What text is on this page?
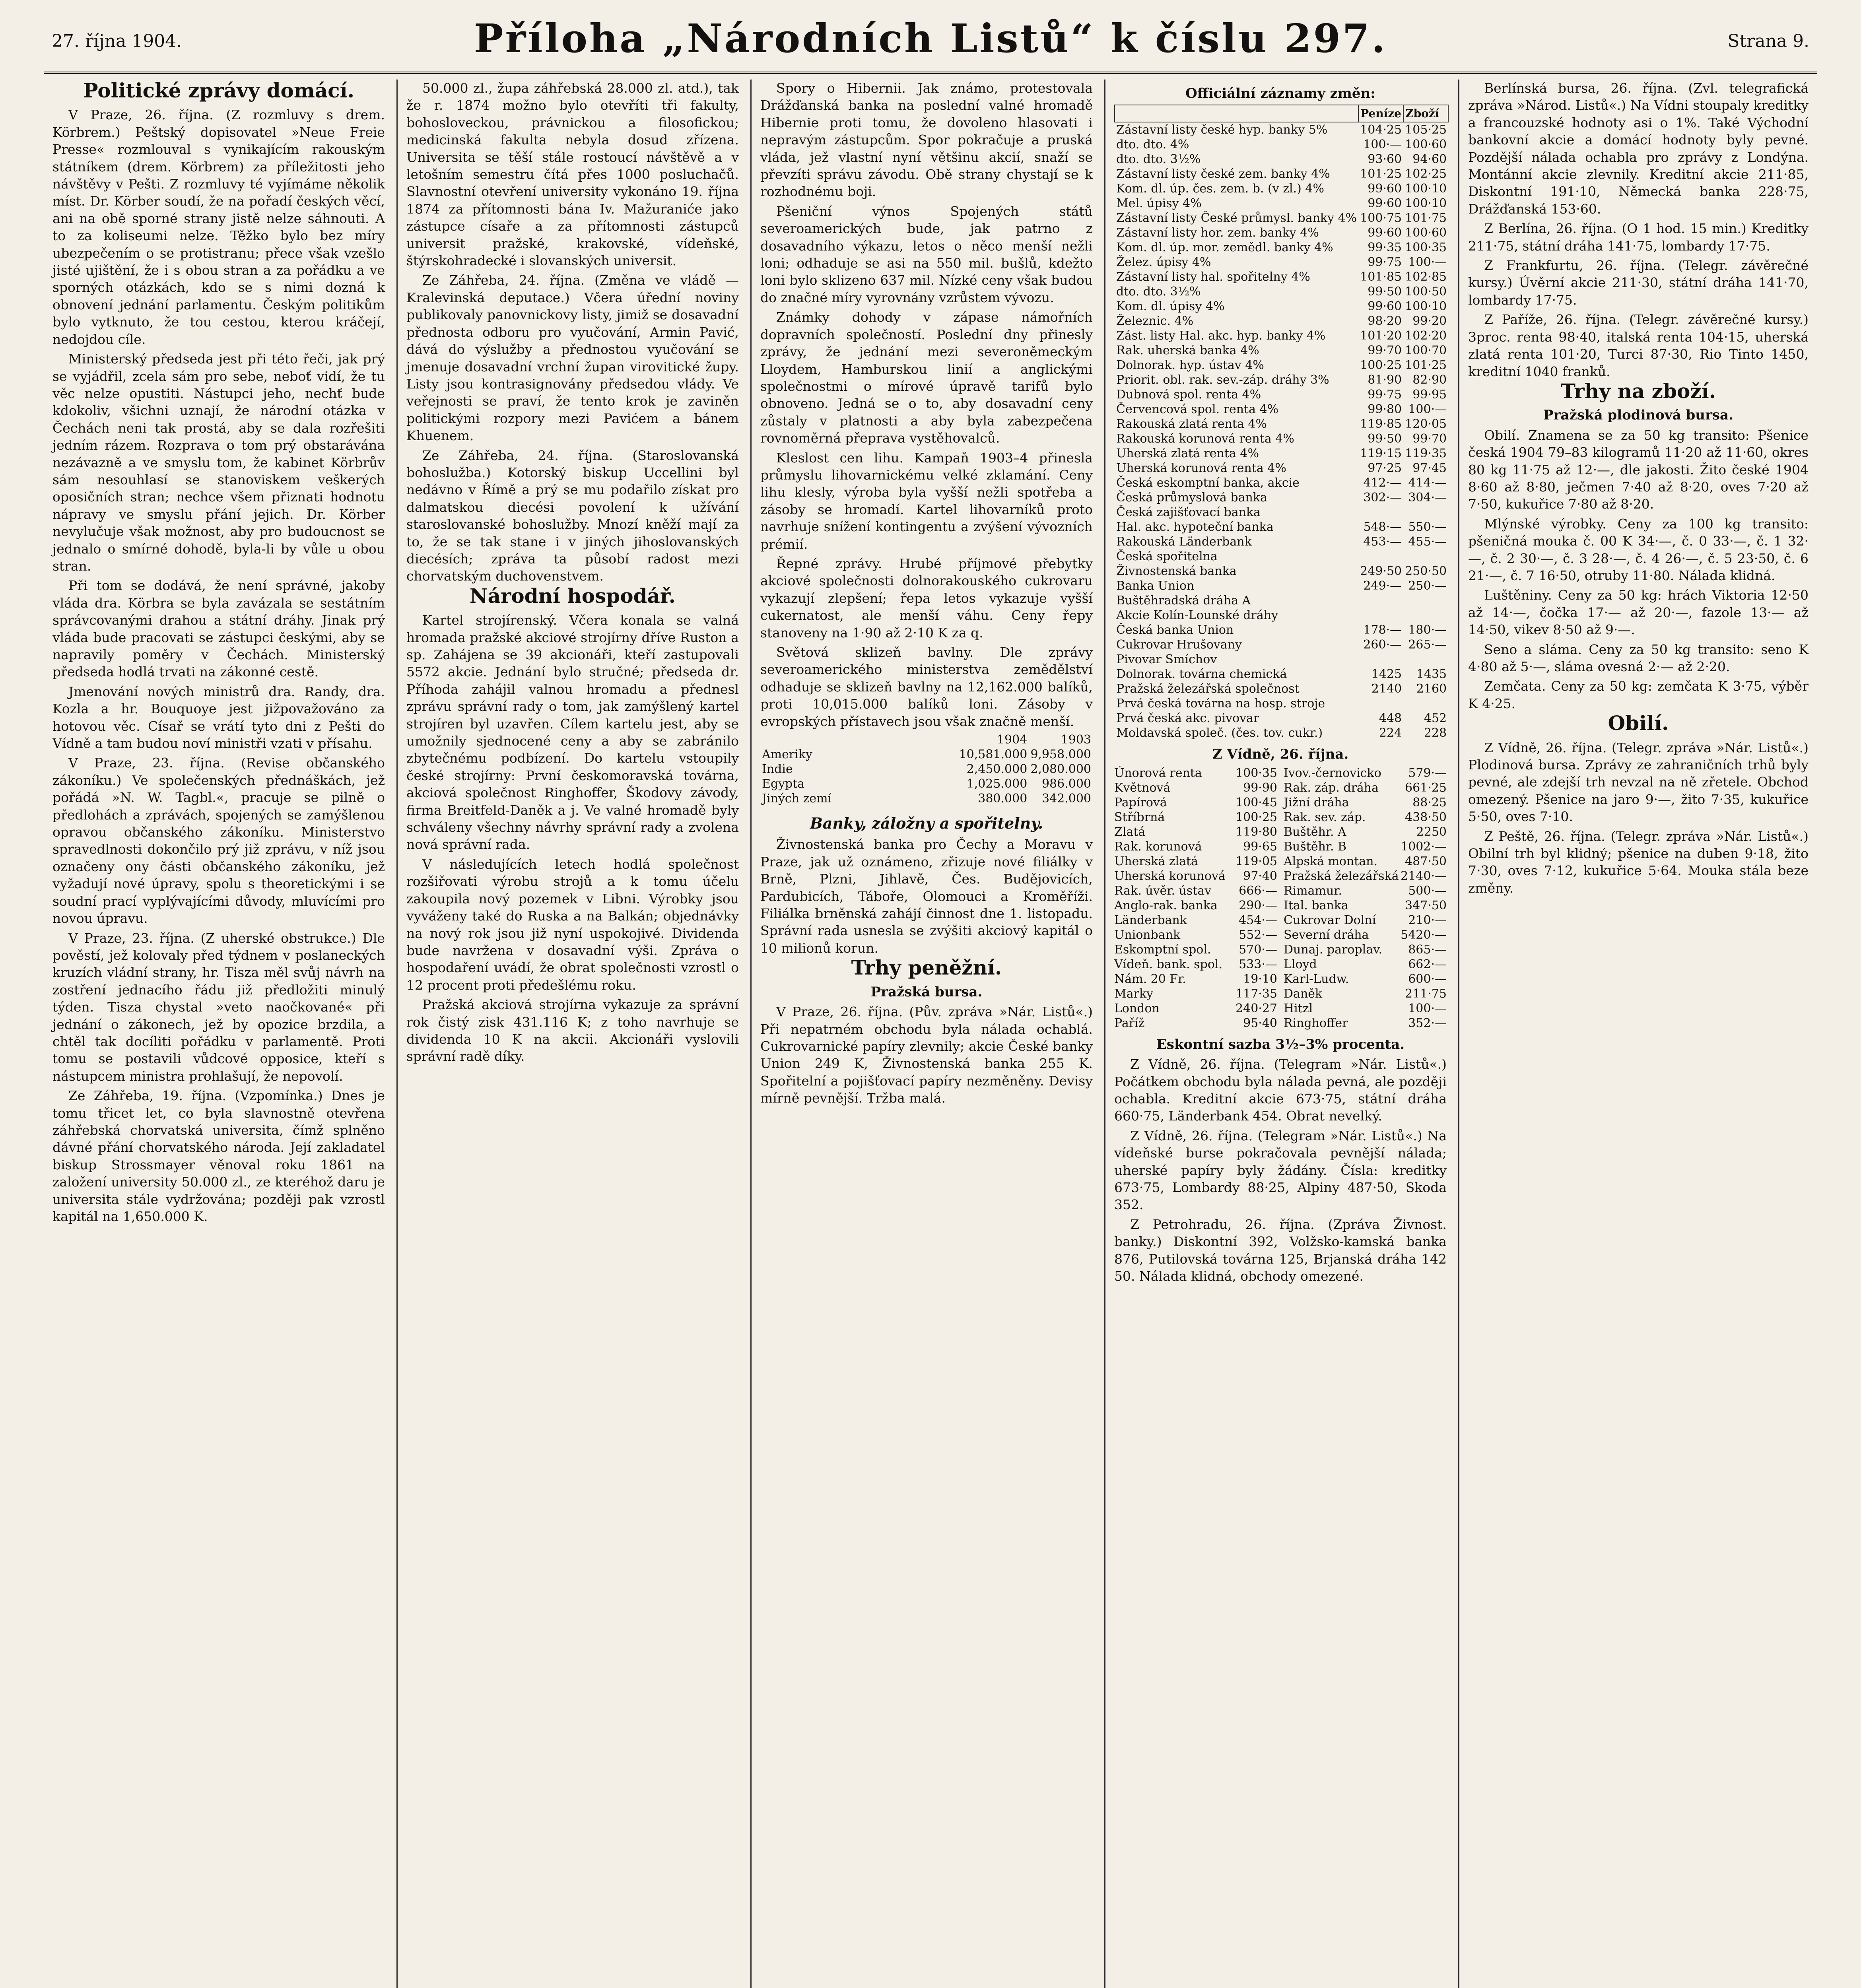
27. října 1904.	Příloha „Národních Listů“ k číslu 297.	Strana 9.
Politické zprávy domácí.

V Praze, 26. října. (Z rozmluvy s drem. Körbrem.) Peštský dopisovatel »Neue Freie Presse« rozmlouval s vynikajícím rakouským státníkem (drem. Körbrem) za příležitosti jeho návštěvy v Pešti. Z rozmluvy té vyjímáme několik míst. Dr. Körber soudí, že na pořadí českých věcí, ani na obě sporné strany jistě nelze sáhnouti. A to za koliseumi nelze. Těžko bylo bez míry ubezpečením o se protistranu; přece však vzešlo jisté ujištění, že i s obou stran a za pořádku a ve sporných otázkách, kdo se s nimi dozná k obnovení jednání parlamentu. Českým politikům bylo vytknuto, že tou cestou, kterou kráčejí, nedojdou cíle.

Ministerský předseda jest při této řeči, jak prý se vyjádřil, zcela sám pro sebe, neboť vidí, že tu věc nelze opustiti. Nástupci jeho, nechť bude kdokoliv, všichni uznají, že národní otázka v Čechách neni tak prostá, aby se dala rozřešiti jedním rázem. Rozprava o tom prý obstarávána nezávazně a ve smyslu tom, že kabinet Körbrův sám nesouhlasí se stanoviskem veškerých oposičních stran; nechce všem přiznati hodnotu nápravy ve smyslu přání jejich. Dr. Körber nevylučuje však možnost, aby pro budoucnost se jednalo o smírné dohodě, byla-li by vůle u obou stran.

Při tom se dodává, že není správné, jakoby vláda dra. Körbra se byla zavázala se sestátním správcovanými drahou a státní dráhy. Jinak prý vláda bude pracovati se zástupci českými, aby se napravily poměry v Čechách. Ministerský předseda hodlá trvati na zákonné cestě.

Jmenování nových ministrů dra. Randy, dra. Kozla a hr. Bouquoye jest jižpovažováno za hotovou věc. Císař se vrátí tyto dni z Pešti do Vídně a tam budou noví ministři vzati v přísahu.

V Praze, 23. října. (Revise občanského zákoníku.) Ve společenských přednáškách, jež pořádá »N. W. Tagbl.«, pracuje se pilně o předlohách a zprávách, spojených se zamýšlenou opravou občanského zákoníku. Ministerstvo spravedlnosti dokončilo prý již zprávu, v níž jsou označeny ony části občanského zákoníku, jež vyžadují nové úpravy, spolu s theoretickými i se soudní prací vyplývajícími důvody, mluvícími pro novou úpravu.

V Praze, 23. října. (Z uherské obstrukce.) Dle pověstí, jež kolovaly před týdnem v poslaneckých kruzích vládní strany, hr. Tisza měl svůj návrh na zostření jednacího řádu již předložiti minulý týden. Tisza chystal »veto naočkované« při jednání o zákonech, jež by opozice brzdila, a chtěl tak docíliti pořádku v parlamentě. Proti tomu se postavili vůdcové opposice, kteří s nástupcem ministra prohlašují, že nepovolí.

Ze Záhřeba, 19. října. (Vzpomínka.) Dnes je tomu třicet let, co byla slavnostně otevřena záhřebská chorvatská universita, čímž splněno dávné přání chorvatského národa. Její zakladatel biskup Strossmayer věnoval roku 1861 na založení university 50.000 zl., ze kteréhož daru je universita stále vydržována; později pak vzrostl kapitál na 1,650.000 K.

50.000 zl., župa záhřebská 28.000 zl. atd.), tak že r. 1874 možno bylo otevříti tři fakulty, bohosloveckou, právnickou a filosofickou; medicinská fakulta nebyla dosud zřízena. Universita se těší stále rostoucí návštěvě a v letošním semestru čítá přes 1000 posluchačů. Slavnostní otevření university vykonáno 19. října 1874 za přítomnosti bána Iv. Mažuraniće jako zástupce císaře a za přítomnosti zástupců universit pražské, krakovské, vídeňské, štýrskohradecké i slovanských universit.

Ze Záhřeba, 24. října. (Změna ve vládě — Kralevinská deputace.) Včera úřední noviny publikovaly panovnickovy listy, jimiž se dosavadní přednosta odboru pro vyučování, Armin Pavić, dává do výslužby a přednostou vyučování se jmenuje dosavadní vrchní župan virovitické župy. Listy jsou kontrasignovány předsedou vlády. Ve veřejnosti se praví, že tento krok je zaviněn politickými rozpory mezi Pavićem a bánem Khuenem.

Ze Záhřeba, 24. října. (Staroslovanská bohoslužba.) Kotorský biskup Uccellini byl nedávno v Římě a prý se mu podařilo získat pro dalmatskou diecési povolení k užívání staroslovanské bohoslužby. Mnozí kněží mají za to, že se tak stane i v jiných jihoslovanských diecésích; zpráva ta působí radost mezi chorvatským duchovenstvem.

Národní hospodář.

Kartel strojírenský. Včera konala se valná hromada pražské akciové strojírny dříve Ruston a sp. Zahájena se 39 akcionáři, kteří zastupovali 5572 akcie. Jednání bylo stručné; předseda dr. Příhoda zahájil valnou hromadu a přednesl zprávu správní rady o tom, jak zamýšlený kartel strojíren byl uzavřen. Cílem kartelu jest, aby se umožnily sjednocené ceny a aby se zabránilo zbytečnému podbízení. Do kartelu vstoupily české strojírny: První českomoravská továrna, akciová společnost Ringhoffer, Škodovy závody, firma Breitfeld-Daněk a j. Ve valné hromadě byly schváleny všechny návrhy správní rady a zvolena nová správní rada.

V následujících letech hodlá společnost rozšiřovati výrobu strojů a k tomu účelu zakoupila nový pozemek v Libni. Výrobky jsou vyváženy také do Ruska a na Balkán; objednávky na nový rok jsou již nyní uspokojivé. Dividenda bude navržena v dosavadní výši. Zpráva o hospodaření uvádí, že obrat společnosti vzrostl o 12 procent proti předešlému roku.

Pražská akciová strojírna vykazuje za správní rok čistý zisk 431.116 K; z toho navrhuje se dividenda 10 K na akcii. Akcionáři vyslovili správní radě díky.

Spory o Hibernii. Jak známo, protestovala Drážďanská banka na poslední valné hromadě Hibernie proti tomu, že dovoleno hlasovati i nepravým zástupcům. Spor pokračuje a pruská vláda, jež vlastní nyní většinu akcií, snaží se převzíti správu závodu. Obě strany chystají se k rozhodnému boji.

Pšeniční výnos Spojených států severoamerických bude, jak patrno z dosavadního výkazu, letos o něco menší nežli loni; odhaduje se asi na 550 mil. bušlů, kdežto loni bylo sklizeno 637 mil. Nízké ceny však budou do značné míry vyrovnány vzrůstem vývozu.

Známky dohody v zápase námořních dopravních společností. Poslední dny přinesly zprávy, že jednání mezi severoněmeckým Lloydem, Hamburskou linií a anglickými společnostmi o mírové úpravě tarifů bylo obnoveno. Jedná se o to, aby dosavadní ceny zůstaly v platnosti a aby byla zabezpečena rovnoměrná přeprava vystěhovalců.

Kleslost cen lihu. Kampaň 1903–4 přinesla průmyslu lihovarnickému velké zklamání. Ceny lihu klesly, výroba byla vyšší nežli spotřeba a zásoby se hromadí. Kartel lihovarníků proto navrhuje snížení kontingentu a zvýšení vývozních prémií.

Řepné zprávy. Hrubé příjmové přebytky akciové společnosti dolnorakouského cukrovaru vykazují zlepšení; řepa letos vykazuje vyšší cukernatost, ale menší váhu. Ceny řepy stanoveny na 1·90 až 2·10 K za q.

Světová sklizeň bavlny. Dle zprávy severoamerického ministerstva zemědělství odhaduje se sklizeň bavlny na 12,162.000 balíků, proti 10,015.000 balíků loni. Zásoby v evropských přístavech jsou však značně menší.

	1904	1903
Ameriky	10,581.000	9,958.000
Indie	2,450.000	2,080.000
Egypta	1,025.000	986.000
Jiných zemí	380.000	342.000
Banky, záložny a spořitelny.

Živnostenská banka pro Čechy a Moravu v Praze, jak už oznámeno, zřizuje nové filiálky v Brně, Plzni, Jihlavě, Čes. Budějovicích, Pardubicích, Táboře, Olomouci a Kroměříži. Filiálka brněnská zahájí činnost dne 1. listopadu. Správní rada usnesla se zvýšiti akciový kapitál o 10 milionů korun.

Trhy peněžní.
Pražská bursa.

V Praze, 26. října. (Pův. zpráva »Nár. Listů«.) Při nepatrném obchodu byla nálada ochablá. Cukrovarnické papíry zlevnily; akcie České banky Union 249 K, Živnostenská banka 255 K. Spořitelní a pojišťovací papíry nezměněny. Devisy mírně pevnější. Tržba malá.

Officiální záznamy změn:
	Peníze	Zboží
Zástavní listy české hyp. banky 5%	104·25	105·25
dto. dto. 4%	100·—	100·60
dto. dto. 3½%	93·60	94·60
Zástavní listy české zem. banky 4%	101·25	102·25
Kom. dl. úp. čes. zem. b. (v zl.) 4%	99·60	100·10
Mel. úpisy 4%	99·60	100·10
Zástavní listy České průmysl. banky 4%	100·75	101·75
Zástavní listy hor. zem. banky 4%	99·60	100·60
Kom. dl. úp. mor. zemědl. banky 4%	99·35	100·35
Želez. úpisy 4%	99·75	100·—
Zástavní listy hal. spořitelny 4%	101·85	102·85
dto. dto. 3½%	99·50	100·50
Kom. dl. úpisy 4%	99·60	100·10
Železnic. 4%	98·20	99·20
Zást. listy Hal. akc. hyp. banky 4%	101·20	102·20
Rak. uherská banka 4%	99·70	100·70
Dolnorak. hyp. ústav 4%	100·25	101·25
Priorit. obl. rak. sev.-záp. dráhy 3%	81·90	82·90
Dubnová spol. renta 4%	99·75	99·95
Červencová spol. renta 4%	99·80	100·—
Rakouská zlatá renta 4%	119·85	120·05
Rakouská korunová renta 4%	99·50	99·70
Uherská zlatá renta 4%	119·15	119·35
Uherská korunová renta 4%	97·25	97·45
Česká eskomptní banka, akcie	412·—	414·—
Česká průmyslová banka	302·—	304·—
Česká zajišťovací banka		
Hal. akc. hypoteční banka	548·—	550·—
Rakouská Länderbank	453·—	455·—
Česká spořitelna		
Živnostenská banka	249·50	250·50
Banka Union	249·—	250·—
Buštěhradská dráha A		
Akcie Kolín-Lounské dráhy		
Česká banka Union	178·—	180·—
Cukrovar Hrušovany	260·—	265·—
Pivovar Smíchov		
Dolnorak. továrna chemická	1425	1435
Pražská železářská společnost	2140	2160
Prvá česká továrna na hosp. stroje		
Prvá česká akc. pivovar	448	452
Moldavská společ. (čes. tov. cukr.)	224	228
Z Vídně, 26. října.
Únorová renta	100·35
Květnová	99·90
Papírová	100·45
Stříbrná	100·25
Zlatá	119·80
Rak. korunová	99·65
Uherská zlatá	119·05
Uherská korunová 97·40
Rak. úvěr. ústav 666·—
Anglo-rak. banka 290·—
Länderbank	454·—
Unionbank	552·—
Eskomptní spol. 570·—
Vídeň. bank. spol. 533·—
Nám. 20 Fr.	19·10
Marky	117·35
London	240·27
Paříž	95·40
Ivov.-černovicko 579·—
Rak. záp. dráha 661·25
Jižní dráha	88·25
Rak. sev. záp.	438·50
Buštěhr. A	2250
Buštěhr. B	1002·—
Alpská montan. 487·50
Pražská železářská 2140·—
Rimamur.	500·—
Ital. banka	347·50
Cukrovar Dolní	210·—
Severní dráha	5420·—
Dunaj. paroplav. 865·—
Lloyd	662·—
Karl-Ludw.	600·—
Daněk	211·75
Hitzl	100·—
Ringhoffer	352·—
Eskontní sazba 3½–3% procenta.

Z Vídně, 26. října. (Telegram »Nár. Listů«.) Počátkem obchodu byla nálada pevná, ale později ochabla. Kreditní akcie 673·75, státní dráha 660·75, Länderbank 454. Obrat nevelký.

Z Vídně, 26. října. (Telegram »Nár. Listů«.) Na vídeňské burse pokračovala pevnější nálada; uherské papíry byly žádány. Čísla: kreditky 673·75, Lombardy 88·25, Alpiny 487·50, Skoda 352.

Z Petrohradu, 26. října. (Zpráva Živnost. banky.) Diskontní 392, Volžsko-kamská banka 876, Putilovská továrna 125, Brjanská dráha 142 50. Nálada klidná, obchody omezené.

Berlínská bursa, 26. října. (Zvl. telegrafická zpráva »Národ. Listů«.) Na Vídni stoupaly kreditky a francouzské hodnoty asi o 1%. Také Východní bankovní akcie a domácí hodnoty byly pevné. Pozdější nálada ochabla pro zprávy z Londýna. Montánní akcie zlevnily. Kreditní akcie 211·85, Diskontní 191·10, Německá banka 228·75, Drážďanská 153·60.

Z Berlína, 26. října. (O 1 hod. 15 min.) Kreditky 211·75, státní dráha 141·75, lombardy 17·75.

Z Frankfurtu, 26. října. (Telegr. závěrečné kursy.) Úvěrní akcie 211·30, státní dráha 141·70, lombardy 17·75.

Z Paříže, 26. října. (Telegr. závěrečné kursy.) 3proc. renta 98·40, italská renta 104·15, uherská zlatá renta 101·20, Turci 87·30, Rio Tinto 1450, kreditní 1040 franků.

Trhy na zboží.
Pražská plodinová bursa.

Obilí. Znamena se za 50 kg transito: Pšenice česká 1904 79–83 kilogramů 11·20 až 11·60, okres 80 kg 11·75 až 12·—, dle jakosti. Žito české 1904 8·60 až 8·80, ječmen 7·40 až 8·20, oves 7·20 až 7·50, kukuřice 7·80 až 8·20.

Mlýnské výrobky. Ceny za 100 kg transito: pšeničná mouka č. 00 K 34·—, č. 0 33·—, č. 1 32·—, č. 2 30·—, č. 3 28·—, č. 4 26·—, č. 5 23·50, č. 6 21·—, č. 7 16·50, otruby 11·80. Nálada klidná.

Luštěniny. Ceny za 50 kg: hrách Viktoria 12·50 až 14·—, čočka 17·— až 20·—, fazole 13·— až 14·50, vikev 8·50 až 9·—.

Seno a sláma. Ceny za 50 kg transito: seno K 4·80 až 5·—, sláma ovesná 2·— až 2·20.

Zemčata. Ceny za 50 kg: zemčata K 3·75, výběr K 4·25.

Obilí.

Z Vídně, 26. října. (Telegr. zpráva »Nár. Listů«.) Plodinová bursa. Zprávy ze zahraničních trhů byly pevné, ale zdejší trh nevzal na ně zřetele. Obchod omezený. Pšenice na jaro 9·—, žito 7·35, kukuřice 5·50, oves 7·10.

Z Peště, 26. října. (Telegr. zpráva »Nár. Listů«.) Obilní trh byl klidný; pšenice na duben 9·18, žito 7·30, oves 7·12, kukuřice 5·64. Mouka stála beze změny.
